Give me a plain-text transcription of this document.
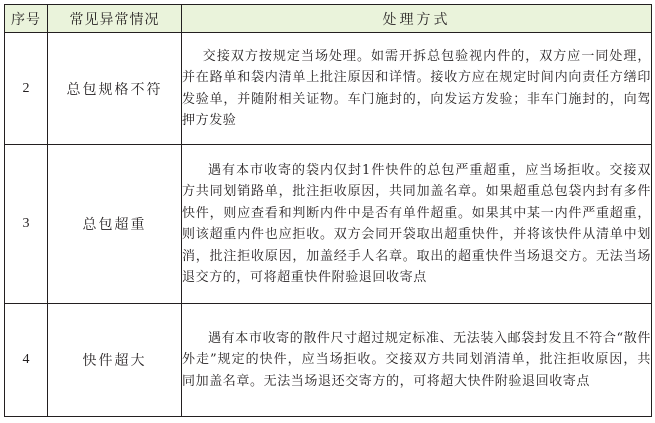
序号	常见异常情况	处理方式
2	总包规格不符	交接双方按规定当场处理。如需开拆总包验视内件的，双方应一同处理，并在路单和袋内清单上批注原因和详情。接收方应在规定时间内向责任方缮印发验单，并随附相关证物。车门施封的，向发运方发验；非车门施封的，向驾押方发验

3	总包超重	遇有本市收寄的袋内仅封1件快件的总包严重超重，应当场拒收。交接双方共同划销路单，批注拒收原因，共同加盖名章。如果超重总包袋内封有多件快件，则应查看和判断内件中是否有单件超重。如果其中某一内件严重超重，则该超重内件也应拒收。双方会同开袋取出超重快件，并将该快件从清单中划消，批注拒收原因，加盖经手人名章。取出的超重快件当场退交方。无法当场退交方的，可将超重快件附验退回收寄点

4	快件超大	遇有本市收寄的散件尺寸超过规定标准、无法装入邮袋封发且不符合“散件外走”规定的快件，应当场拒收。交接双方共同划消清单，批注拒收原因，共同加盖名章。无法当场退还交寄方的，可将超大快件附验退回收寄点
